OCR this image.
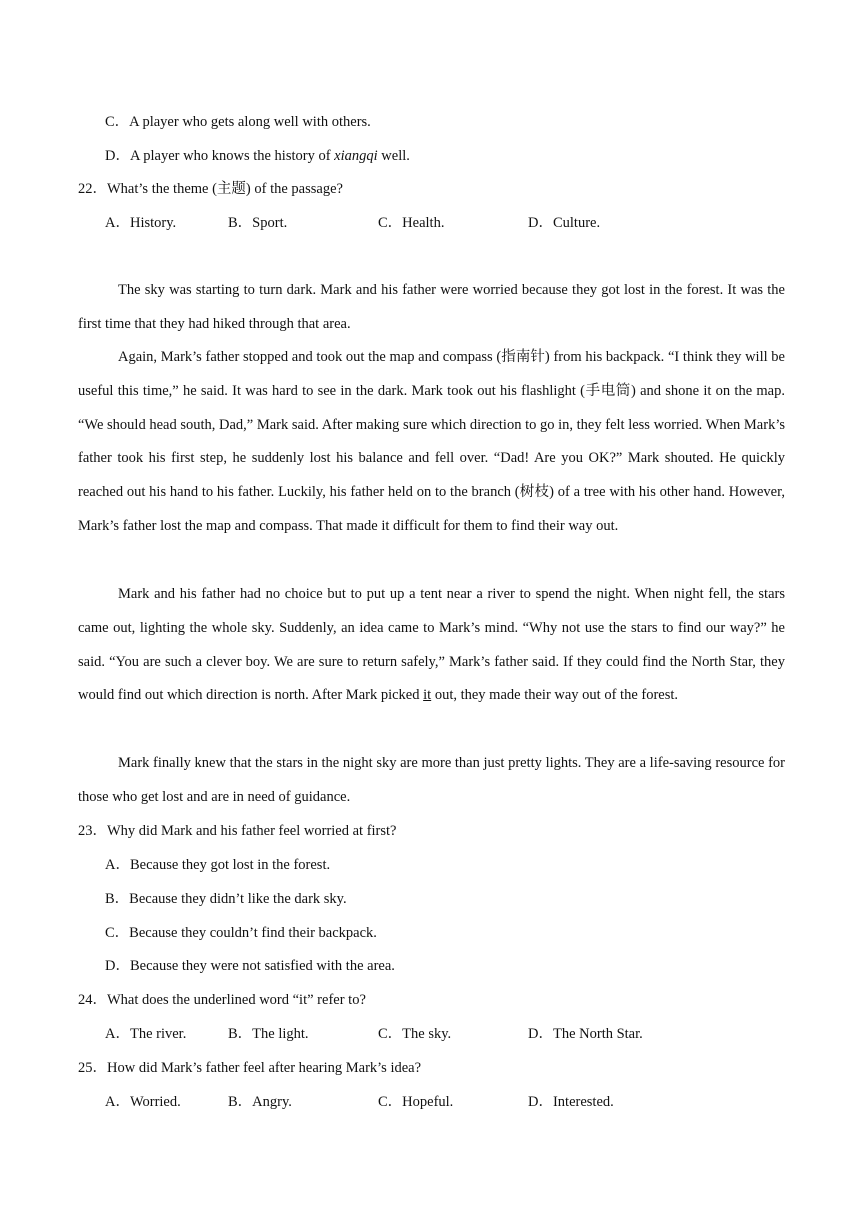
C．A player who gets along well with others.
D．A player who knows the history of xiangqi well.
22．What’s the theme (主题) of the passage?
A．History.	B．Sport.	C．Health.	D．Culture.

The sky was starting to turn dark. Mark and his father were worried because they got lost in the forest. It was the first time that they had hiked through that area.

Again, Mark’s father stopped and took out the map and compass (指南针) from his backpack. “I think they will be useful this time,” he said. It was hard to see in the dark. Mark took out his flashlight (手电筒) and shone it on the map. “We should head south, Dad,” Mark said. After making sure which direction to go in, they felt less worried. When Mark’s father took his first step, he suddenly lost his balance and fell over. “Dad! Are you OK?” Mark shouted. He quickly reached out his hand to his father. Luckily, his father held on to the branch (树枝) of a tree with his other hand. However, Mark’s father lost the map and compass. That made it difficult for them to find their way out.

Mark and his father had no choice but to put up a tent near a river to spend the night. When night fell, the stars came out, lighting the whole sky. Suddenly, an idea came to Mark’s mind. “Why not use the stars to find our way?” he said. “You are such a clever boy. We are sure to return safely,” Mark’s father said. If they could find the North Star, they would find out which direction is north. After Mark picked it out, they made their way out of the forest.

Mark finally knew that the stars in the night sky are more than just pretty lights. They are a life-saving resource for those who get lost and are in need of guidance.

23．Why did Mark and his father feel worried at first?
A．Because they got lost in the forest.
B．Because they didn’t like the dark sky.
C．Because they couldn’t find their backpack.
D．Because they were not satisfied with the area.
24．What does the underlined word “it” refer to?
A．The river.	B．The light.	C．The sky.	D．The North Star.
25．How did Mark’s father feel after hearing Mark’s idea?
A．Worried.	B．Angry.	C．Hopeful.	D．Interested.
